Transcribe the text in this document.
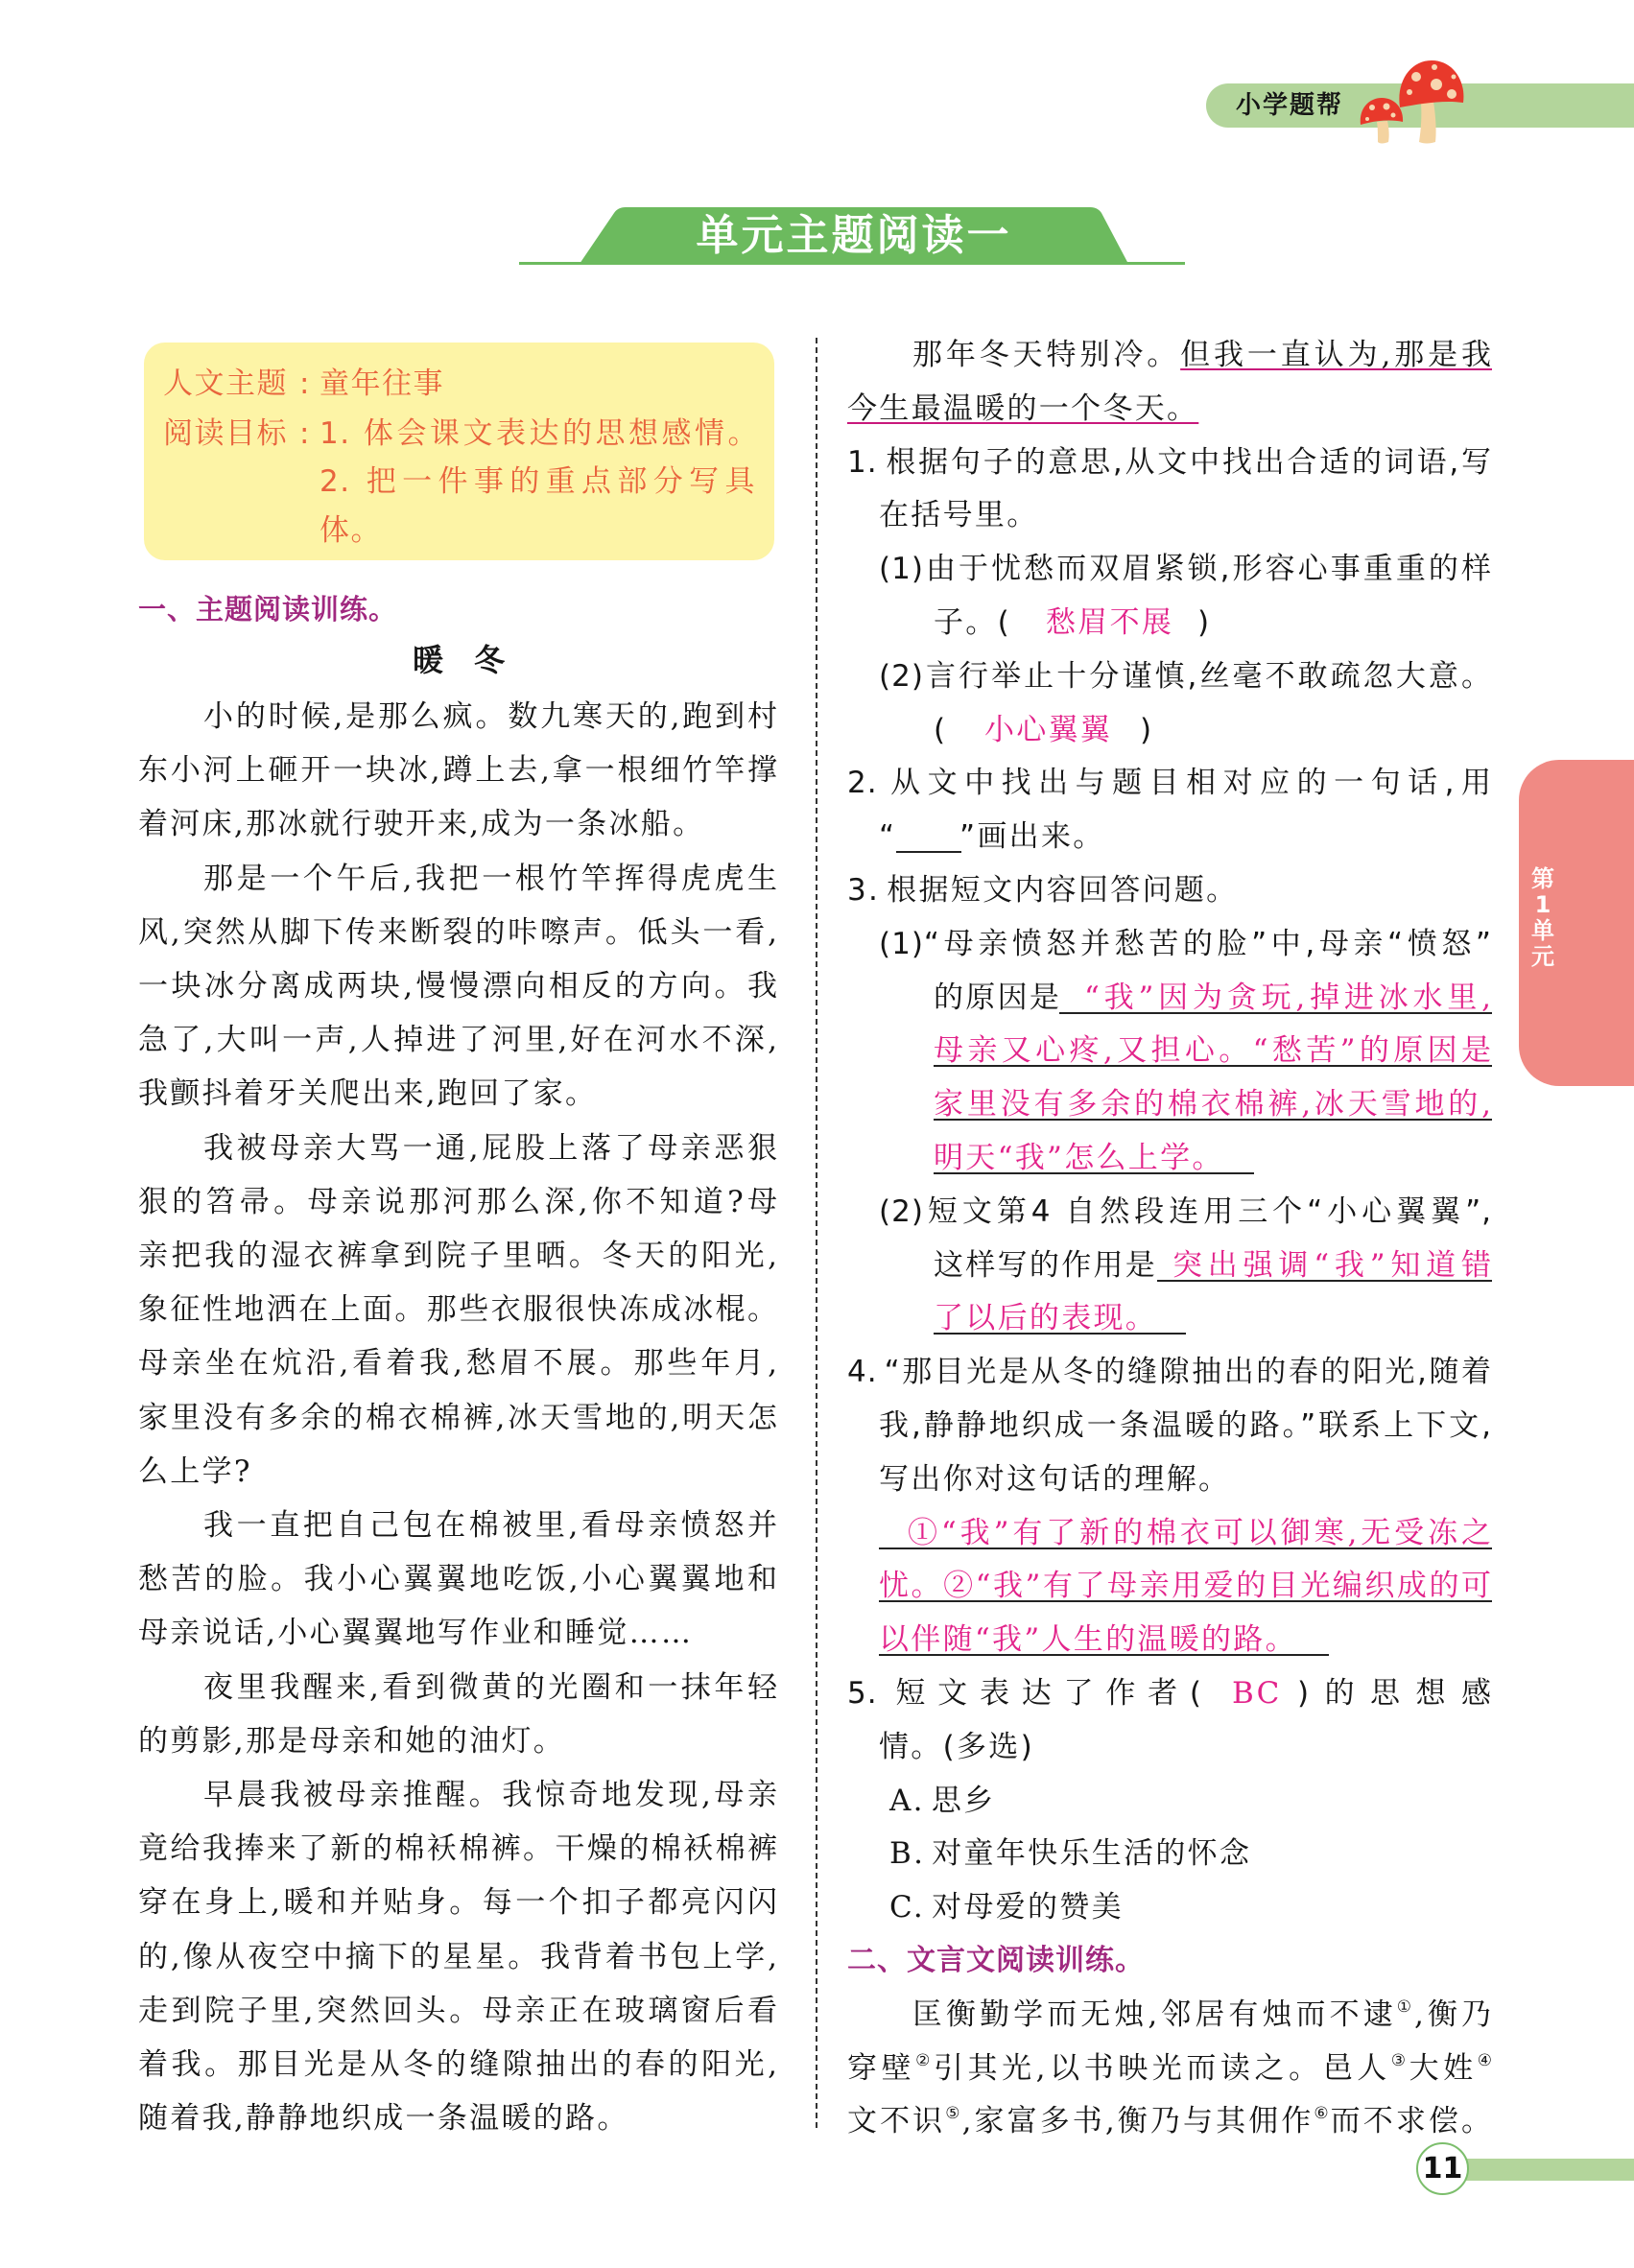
小学题帮
单元主题阅读一
人文主题 : 童年往事
阅读目标 : 1. 体会课文表达的思想感情。
2. 把一件事的重点部分写具
体。
一、主题阅读训练。
暖　冬
小的时候,是那么疯。数九寒天的,跑到村
东小河上砸开一块冰,蹲上去,拿一根细竹竿撑
着河床,那冰就行驶开来,成为一条冰船。
那是一个午后,我把一根竹竿挥得虎虎生
风,突然从脚下传来断裂的咔嚓声。低头一看,
一块冰分离成两块,慢慢漂向相反的方向。我
急了,大叫一声,人掉进了河里,好在河水不深,
我颤抖着牙关爬出来,跑回了家。
我被母亲大骂一通,屁股上落了母亲恶狠
狠的笤帚。母亲说那河那么深,你不知道?母
亲把我的湿衣裤拿到院子里晒。冬天的阳光,
象征性地洒在上面。那些衣服很快冻成冰棍。
母亲坐在炕沿,看着我,愁眉不展。那些年月,
家里没有多余的棉衣棉裤,冰天雪地的,明天怎
么上学?
我一直把自己包在棉被里,看母亲愤怒并
愁苦的脸。我小心翼翼地吃饭,小心翼翼地和
母亲说话,小心翼翼地写作业和睡觉……
夜里我醒来,看到微黄的光圈和一抹年轻
的剪影,那是母亲和她的油灯。
早晨我被母亲推醒。我惊奇地发现,母亲
竟给我捧来了新的棉袄棉裤。干燥的棉袄棉裤
穿在身上,暖和并贴身。每一个扣子都亮闪闪
的,像从夜空中摘下的星星。我背着书包上学,
走到院子里,突然回头。母亲正在玻璃窗后看
着我。那目光是从冬的缝隙抽出的春的阳光,
随着我,静静地织成一条温暖的路。
那年冬天特别冷。但我一直认为,那是我
今生最温暖的一个冬天。
1. 根据句子的意思,从文中找出合适的词语,写
在括号里。
(1)由于忧愁而双眉紧锁,形容心事重重的样
子。( 愁眉不展 )
(2)言行举止十分谨慎,丝毫不敢疏忽大意。
( 小心翼翼 )
2. 从文中找出与题目相对应的一句话,用
“ ”画出来。
3. 根据短文内容回答问题。
(1)“母亲愤怒并愁苦的脸”中,母亲“愤怒”
的原因是 “我”因为贪玩,掉进冰水里,
母亲又心疼,又担心。“愁苦”的原因是
家里没有多余的棉衣棉裤,冰天雪地的,
明天“我”怎么上学。
(2)短文第4 自然段连用三个“小心翼翼”,
这样写的作用是 突出强调“我”知道错
了以后的表现。
4. “那目光是从冬的缝隙抽出的春的阳光,随着
我,静静地织成一条温暖的路。”联系上下文,
写出你对这句话的理解。
①“我”有了新的棉衣可以御寒,无受冻之
忧。②“我”有了母亲用爱的目光编织成的可
以伴随“我”人生的温暖的路。
5. 短文表达了作者( BC )的思想感
情。(多选)
A. 思乡
B. 对童年快乐生活的怀念
C. 对母爱的赞美
二、文言文阅读训练。
匡衡勤学而无烛,邻居有烛而不逮①,衡乃
穿壁②引其光,以书映光而读之。邑人③大姓④
文不识⑤,家富多书,衡乃与其佣作⑥而不求偿。
第
1
单
元
11
